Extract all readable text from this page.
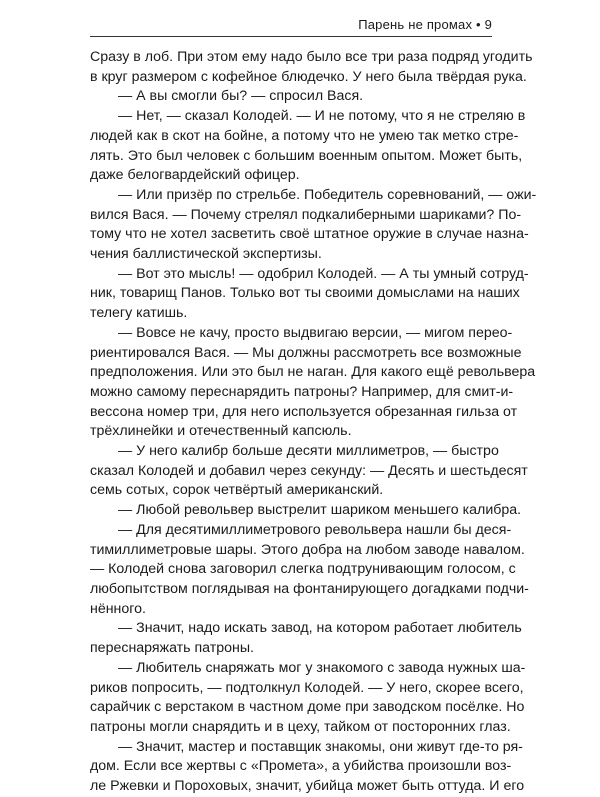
Парень не промах • 9
Сразу в лоб. При этом ему надо было все три раза подряд угодить
в круг размером с кофейное блюдечко. У него была твёрдая рука.
— А вы смогли бы? — спросил Вася.
— Нет, — сказал Колодей. — И не потому, что я не стреляю в
людей как в скот на бойне, а потому что не умею так метко стре-
лять. Это был человек с большим военным опытом. Может быть,
даже белогвардейский офицер.
— Или призёр по стрельбе. Победитель соревнований, — ожи-
вился Вася. — Почему стрелял подкалиберными шариками? По-
тому что не хотел засветить своё штатное оружие в случае назна-
чения баллистической экспертизы.
— Вот это мысль! — одобрил Колодей. — А ты умный сотруд-
ник, товарищ Панов. Только вот ты своими домыслами на наших
телегу катишь.
— Вовсе не качу, просто выдвигаю версии, — мигом перео-
риентировался Вася. — Мы должны рассмотреть все возможные
предположения. Или это был не наган. Для какого ещё револьвера
можно самому переснарядить патроны? Например, для смит-и-
вессона номер три, для него используется обрезанная гильза от
трёхлинейки и отечественный капсюль.
— У него калибр больше десяти миллиметров, — быстро
сказал Колодей и добавил через секунду: — Десять и шестьдесят
семь сотых, сорок четвёртый американский.
— Любой револьвер выстрелит шариком меньшего калибра.
— Для десятимиллиметрового револьвера нашли бы деся-
тимиллиметровые шары. Этого добра на любом заводе навалом.
— Колодей снова заговорил слегка подтрунивающим голосом, с
любопытством поглядывая на фонтанирующего догадками подчи-
нённого.
— Значит, надо искать завод, на котором работает любитель
переснаряжать патроны.
— Любитель снаряжать мог у знакомого с завода нужных ша-
риков попросить, — подтолкнул Колодей. — У него, скорее всего,
сарайчик с верстаком в частном доме при заводском посёлке. Но
патроны могли снарядить и в цеху, тайком от посторонних глаз.
— Значит, мастер и поставщик знакомы, они живут где-то ря-
дом. Если все жертвы с «Промета», а убийства произошли воз-
ле Ржевки и Пороховых, значит, убийца может быть оттуда. И его
